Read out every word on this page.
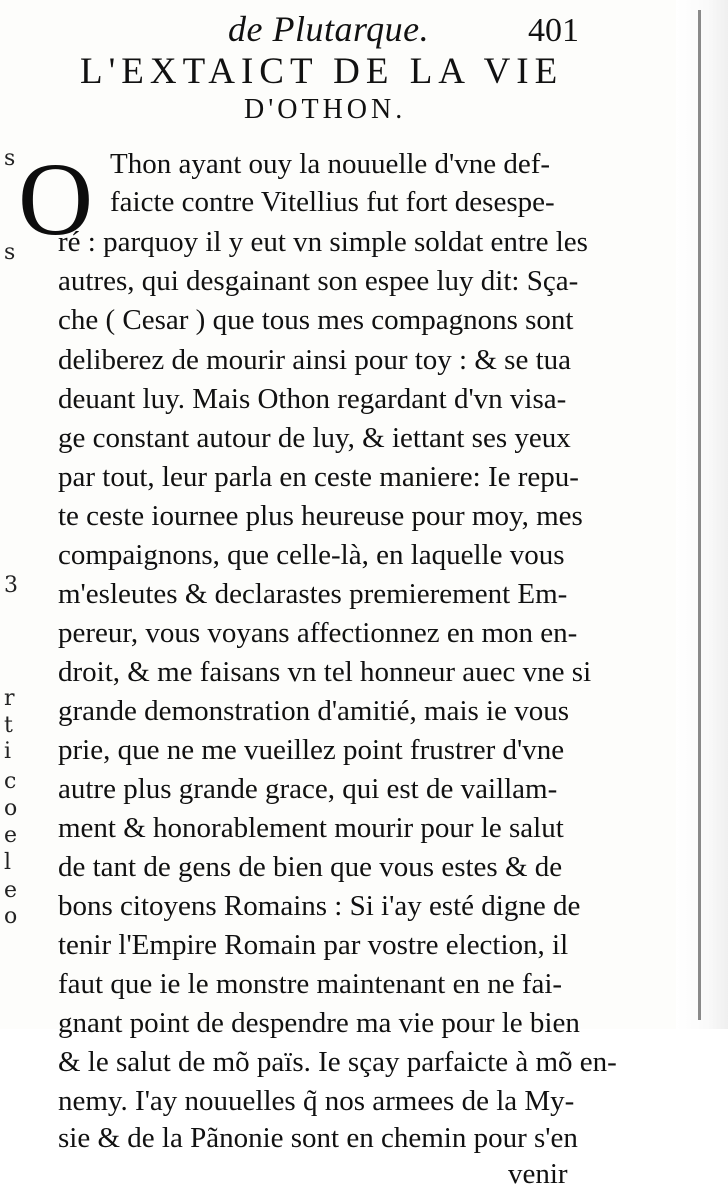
s
s
3
r
t
i
c
o
e
l
e
o
de Plutarque.	401
L'EXTAICT DE LA VIE
D'OTHON.
O Thon ayant ouy la nouuelle d'vne def-
faicte contre Vitellius fut fort desespe-
ré : parquoy il y eut vn simple soldat entre les
autres, qui desgainant son espee luy dit: Sça-
che ( Cesar ) que tous mes compagnons sont
deliberez de mourir ainsi pour toy : & se tua
deuant luy. Mais Othon regardant d'vn visa-
ge constant autour de luy, & iettant ses yeux
par tout, leur parla en ceste maniere: Ie repu-
te ceste iournee plus heureuse pour moy, mes
compaignons, que celle-là, en laquelle vous
m'esleutes & declarastes premierement Em-
pereur, vous voyans affectionnez en mon en-
droit, & me faisans vn tel honneur auec vne si
grande demonstration d'amitié, mais ie vous
prie, que ne me vueillez point frustrer d'vne
autre plus grande grace, qui est de vaillam-
ment & honorablement mourir pour le salut
de tant de gens de bien que vous estes & de
bons citoyens Romains : Si i'ay esté digne de
tenir l'Empire Romain par vostre election, il
faut que ie le monstre maintenant en ne fai-
gnant point de despendre ma vie pour le bien
& le salut de mõ païs. Ie sçay parfaicte à mõ en-
nemy. I'ay nouuelles q̃ nos armees de la My-
sie & de la Pãnonie sont en chemin pour s'en
venir
